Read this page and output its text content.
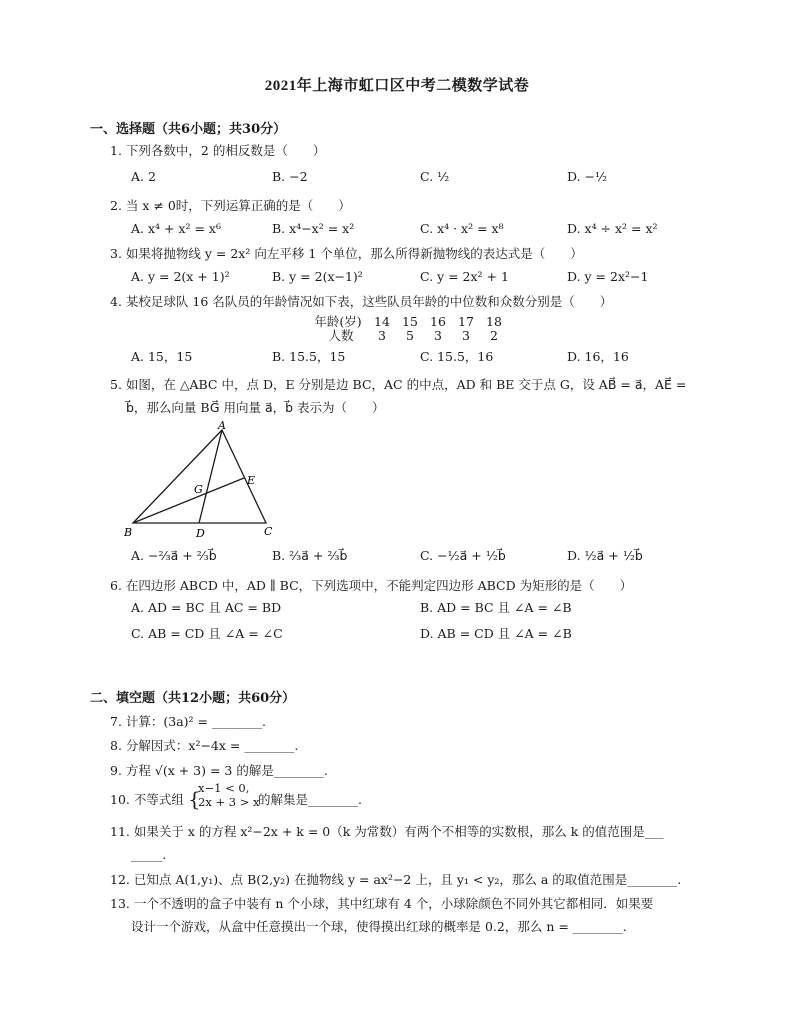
2021年上海市虹口区中考二模数学试卷
一、选择题（共6小题；共30分）
1. 下列各数中，2 的相反数是（　　）
A. 2	B. −2	C. ½	D. −½
2. 当 x ≠ 0时，下列运算正确的是（　　）
A. x⁴ + x² = x⁶	B. x⁴−x² = x²	C. x⁴ · x² = x⁸	D. x⁴ ÷ x² = x²
3. 如果将抛物线 y = 2x² 向左平移 1 个单位，那么所得新抛物线的表达式是（　　）
A. y = 2(x + 1)²	B. y = 2(x−1)²	C. y = 2x² + 1	D. y = 2x²−1
4. 某校足球队 16 名队员的年龄情况如下表，这些队员年龄的中位数和众数分别是（　　）
年龄(岁) 14 15 16 17 18
人数	3	5	3	3	2
A. 15，15	B. 15.5，15	C. 15.5，16	D. 16，16
5. 如图，在 △ABC 中，点 D，E 分别是边 BC，AC 的中点，AD 和 BE 交于点 G，设 AB⃗ = a⃗，AE⃗ =
b⃗，那么向量 BG⃗ 用向量 a⃗，b⃗ 表示为（　　）
A
B	C
D
E
G
A. −⅔a⃗ + ⅔b⃗	B. ⅔a⃗ + ⅔b⃗	C. −½a⃗ + ½b⃗	D. ½a⃗ + ½b⃗
6. 在四边形 ABCD 中，AD ∥ BC，下列选项中，不能判定四边形 ABCD 为矩形的是（　　）
A. AD = BC 且 AC = BD	B. AD = BC 且 ∠A = ∠B
C. AB = CD 且 ∠A = ∠C	D. AB = CD 且 ∠A = ∠B
二、填空题（共12小题；共60分）
7. 计算：(3a)² = ________.
8. 分解因式：x²−4x = ________.
9. 方程 √(x + 3) = 3 的解是________.
10. 不等式组 {
x−1 < 0,
2x + 3 > x
的解集是________.
11. 如果关于 x 的方程 x²−2x + k = 0（k 为常数）有两个不相等的实数根，那么 k 的值范围是___
_____.
12. 已知点 A(1,y₁)、点 B(2,y₂) 在抛物线 y = ax²−2 上，且 y₁ < y₂，那么 a 的取值范围是________.
13. 一个不透明的盒子中装有 n 个小球，其中红球有 4 个，小球除颜色不同外其它都相同．如果要
设计一个游戏，从盒中任意摸出一个球，使得摸出红球的概率是 0.2，那么 n = ________.
